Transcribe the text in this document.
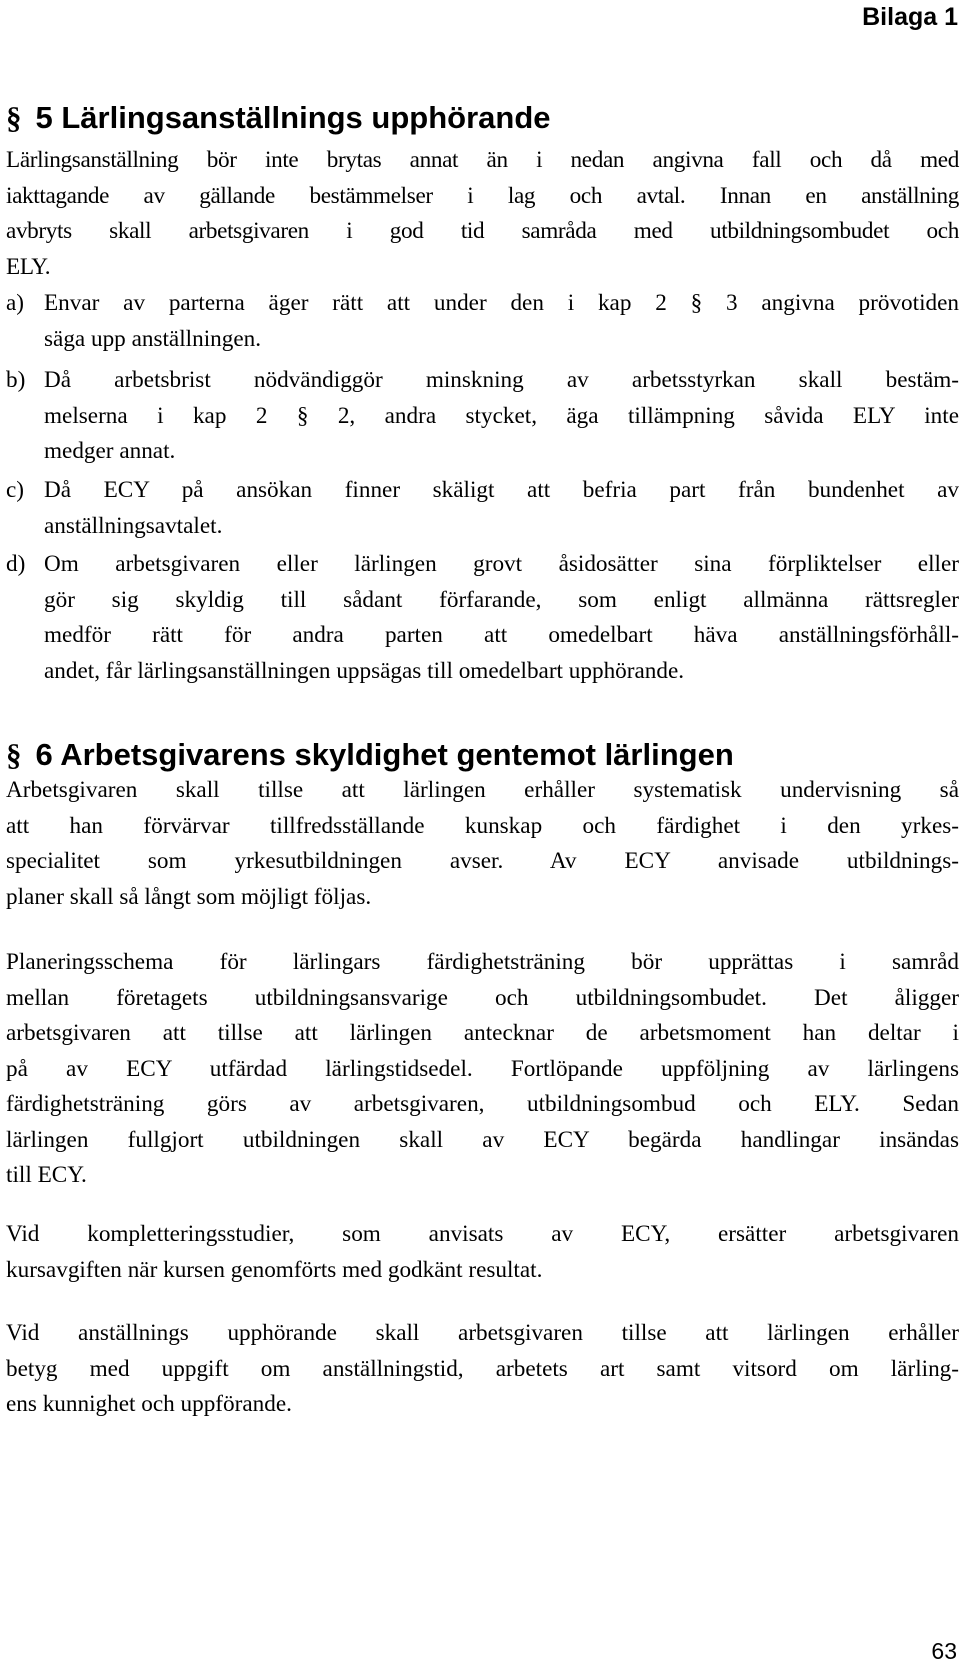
Bilaga 1
§ 5 Lärlingsanställnings upphörande
Lärlingsanställning bör inte brytas annat än i nedan angivna fall och då med
iakttagande av gällande bestämmelser i lag och avtal. Innan en anställning
avbryts skall arbetsgivaren i god tid samråda med utbildningsombudet och
ELY.
a) Envar av parterna äger rätt att under den i kap 2 § 3 angivna prövotiden
säga upp anställningen.
b) Då arbetsbrist nödvändiggör minskning av arbetsstyrkan skall bestäm-
melserna i kap 2 § 2, andra stycket, äga tillämpning såvida ELY inte
medger annat.
c) Då ECY på ansökan finner skäligt att befria part från bundenhet av
anställningsavtalet.
d) Om arbetsgivaren eller lärlingen grovt åsidosätter sina förpliktelser eller
gör sig skyldig till sådant förfarande, som enligt allmänna rättsregler
medför rätt för andra parten att omedelbart häva anställningsförhåll-
andet, får lärlingsanställningen uppsägas till omedelbart upphörande.
§ 6 Arbetsgivarens skyldighet gentemot lärlingen
Arbetsgivaren skall tillse att lärlingen erhåller systematisk undervisning så
att han förvärvar tillfredsställande kunskap och färdighet i den yrkes-
specialitet som yrkesutbildningen avser. Av ECY anvisade utbildnings-
planer skall så långt som möjligt följas.
Planeringsschema för lärlingars färdighetsträning bör upprättas i samråd
mellan företagets utbildningsansvarige och utbildningsombudet. Det åligger
arbetsgivaren att tillse att lärlingen antecknar de arbetsmoment han deltar i
på av ECY utfärdad lärlingstidsedel. Fortlöpande uppföljning av lärlingens
färdighetsträning görs av arbetsgivaren, utbildningsombud och ELY. Sedan
lärlingen fullgjort utbildningen skall av ECY begärda handlingar insändas
till ECY.
Vid kompletteringsstudier, som anvisats av ECY, ersätter arbetsgivaren
kursavgiften när kursen genomförts med godkänt resultat.
Vid anställnings upphörande skall arbetsgivaren tillse att lärlingen erhåller
betyg med uppgift om anställningstid, arbetets art samt vitsord om lärling-
ens kunnighet och uppförande.
63
